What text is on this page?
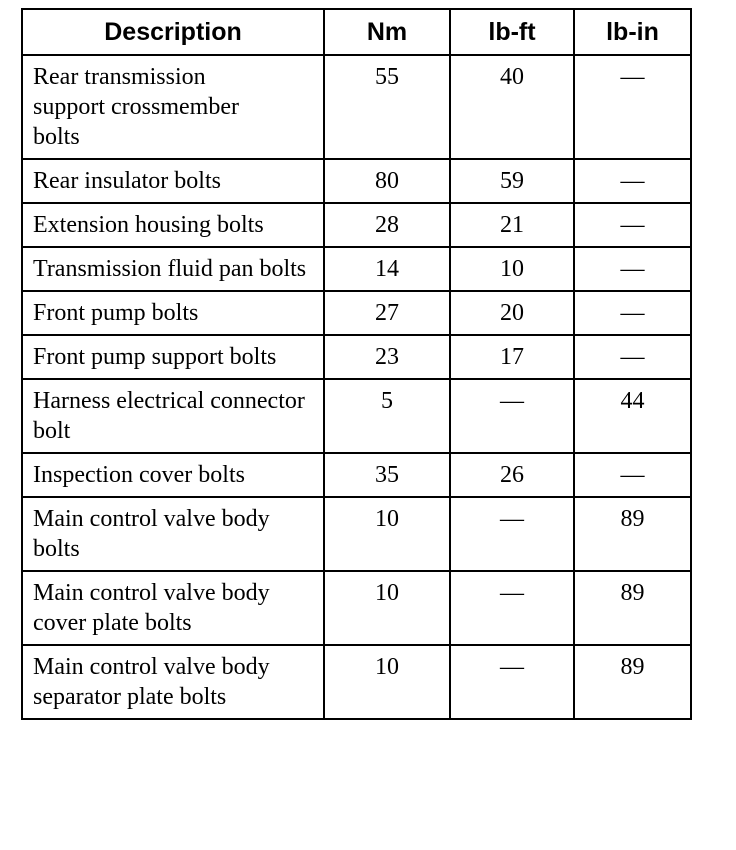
Description	Nm	lb-ft	lb-in
Rear transmission support crossmember bolts	55	40	—
Rear insulator bolts	80	59	—
Extension housing bolts	28	21	—
Transmission fluid pan bolts	14	10	—
Front pump bolts	27	20	—
Front pump support bolts	23	17	—
Harness electrical connector bolt	5	—	44
Inspection cover bolts	35	26	—
Main control valve body bolts	10	—	89
Main control valve body cover plate bolts	10	—	89
Main control valve body separator plate bolts	10	—	89
